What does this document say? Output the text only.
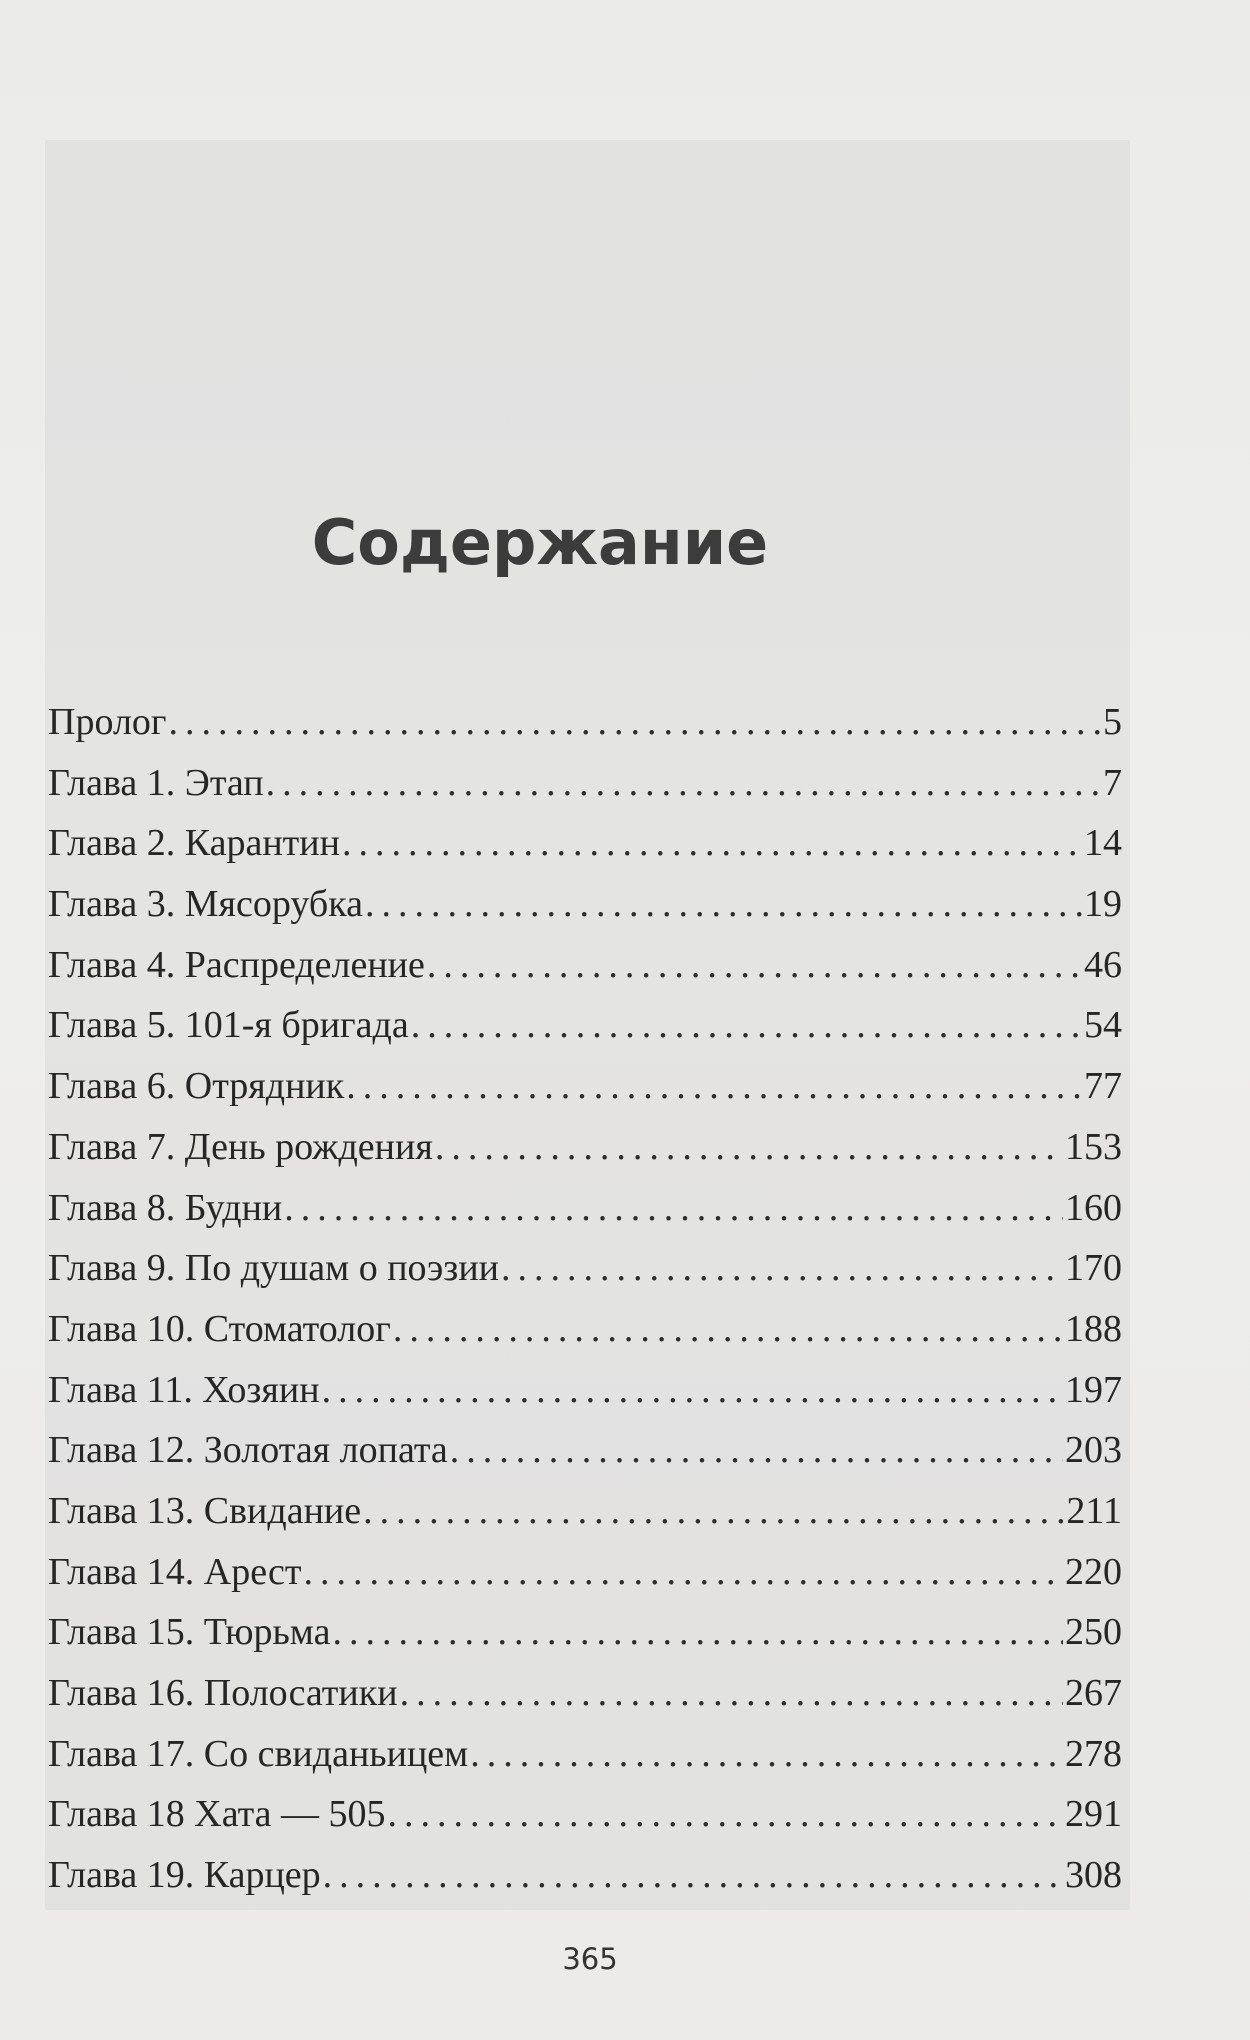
Содержание
Пролог .....	5
Глава 1. Этап .....	7
Глава 2. Карантин .....	14
Глава 3. Мясорубка .....	19
Глава 4. Распределение .....	46
Глава 5. 101-я бригада .....	54
Глава 6. Отрядник .....	77
Глава 7. День рождения .....	153
Глава 8. Будни .....	160
Глава 9. По душам о поэзии .....	170
Глава 10. Стоматолог .....	188
Глава 11. Хозяин .....	197
Глава 12. Золотая лопата .....	203
Глава 13. Свидание .....	211
Глава 14. Арест .....	220
Глава 15. Тюрьма .....	250
Глава 16. Полосатики .....	267
Глава 17. Со свиданьицем .....	278
Глава 18 Хата — 505 .....	291
Глава 19. Карцер .....	308
365
